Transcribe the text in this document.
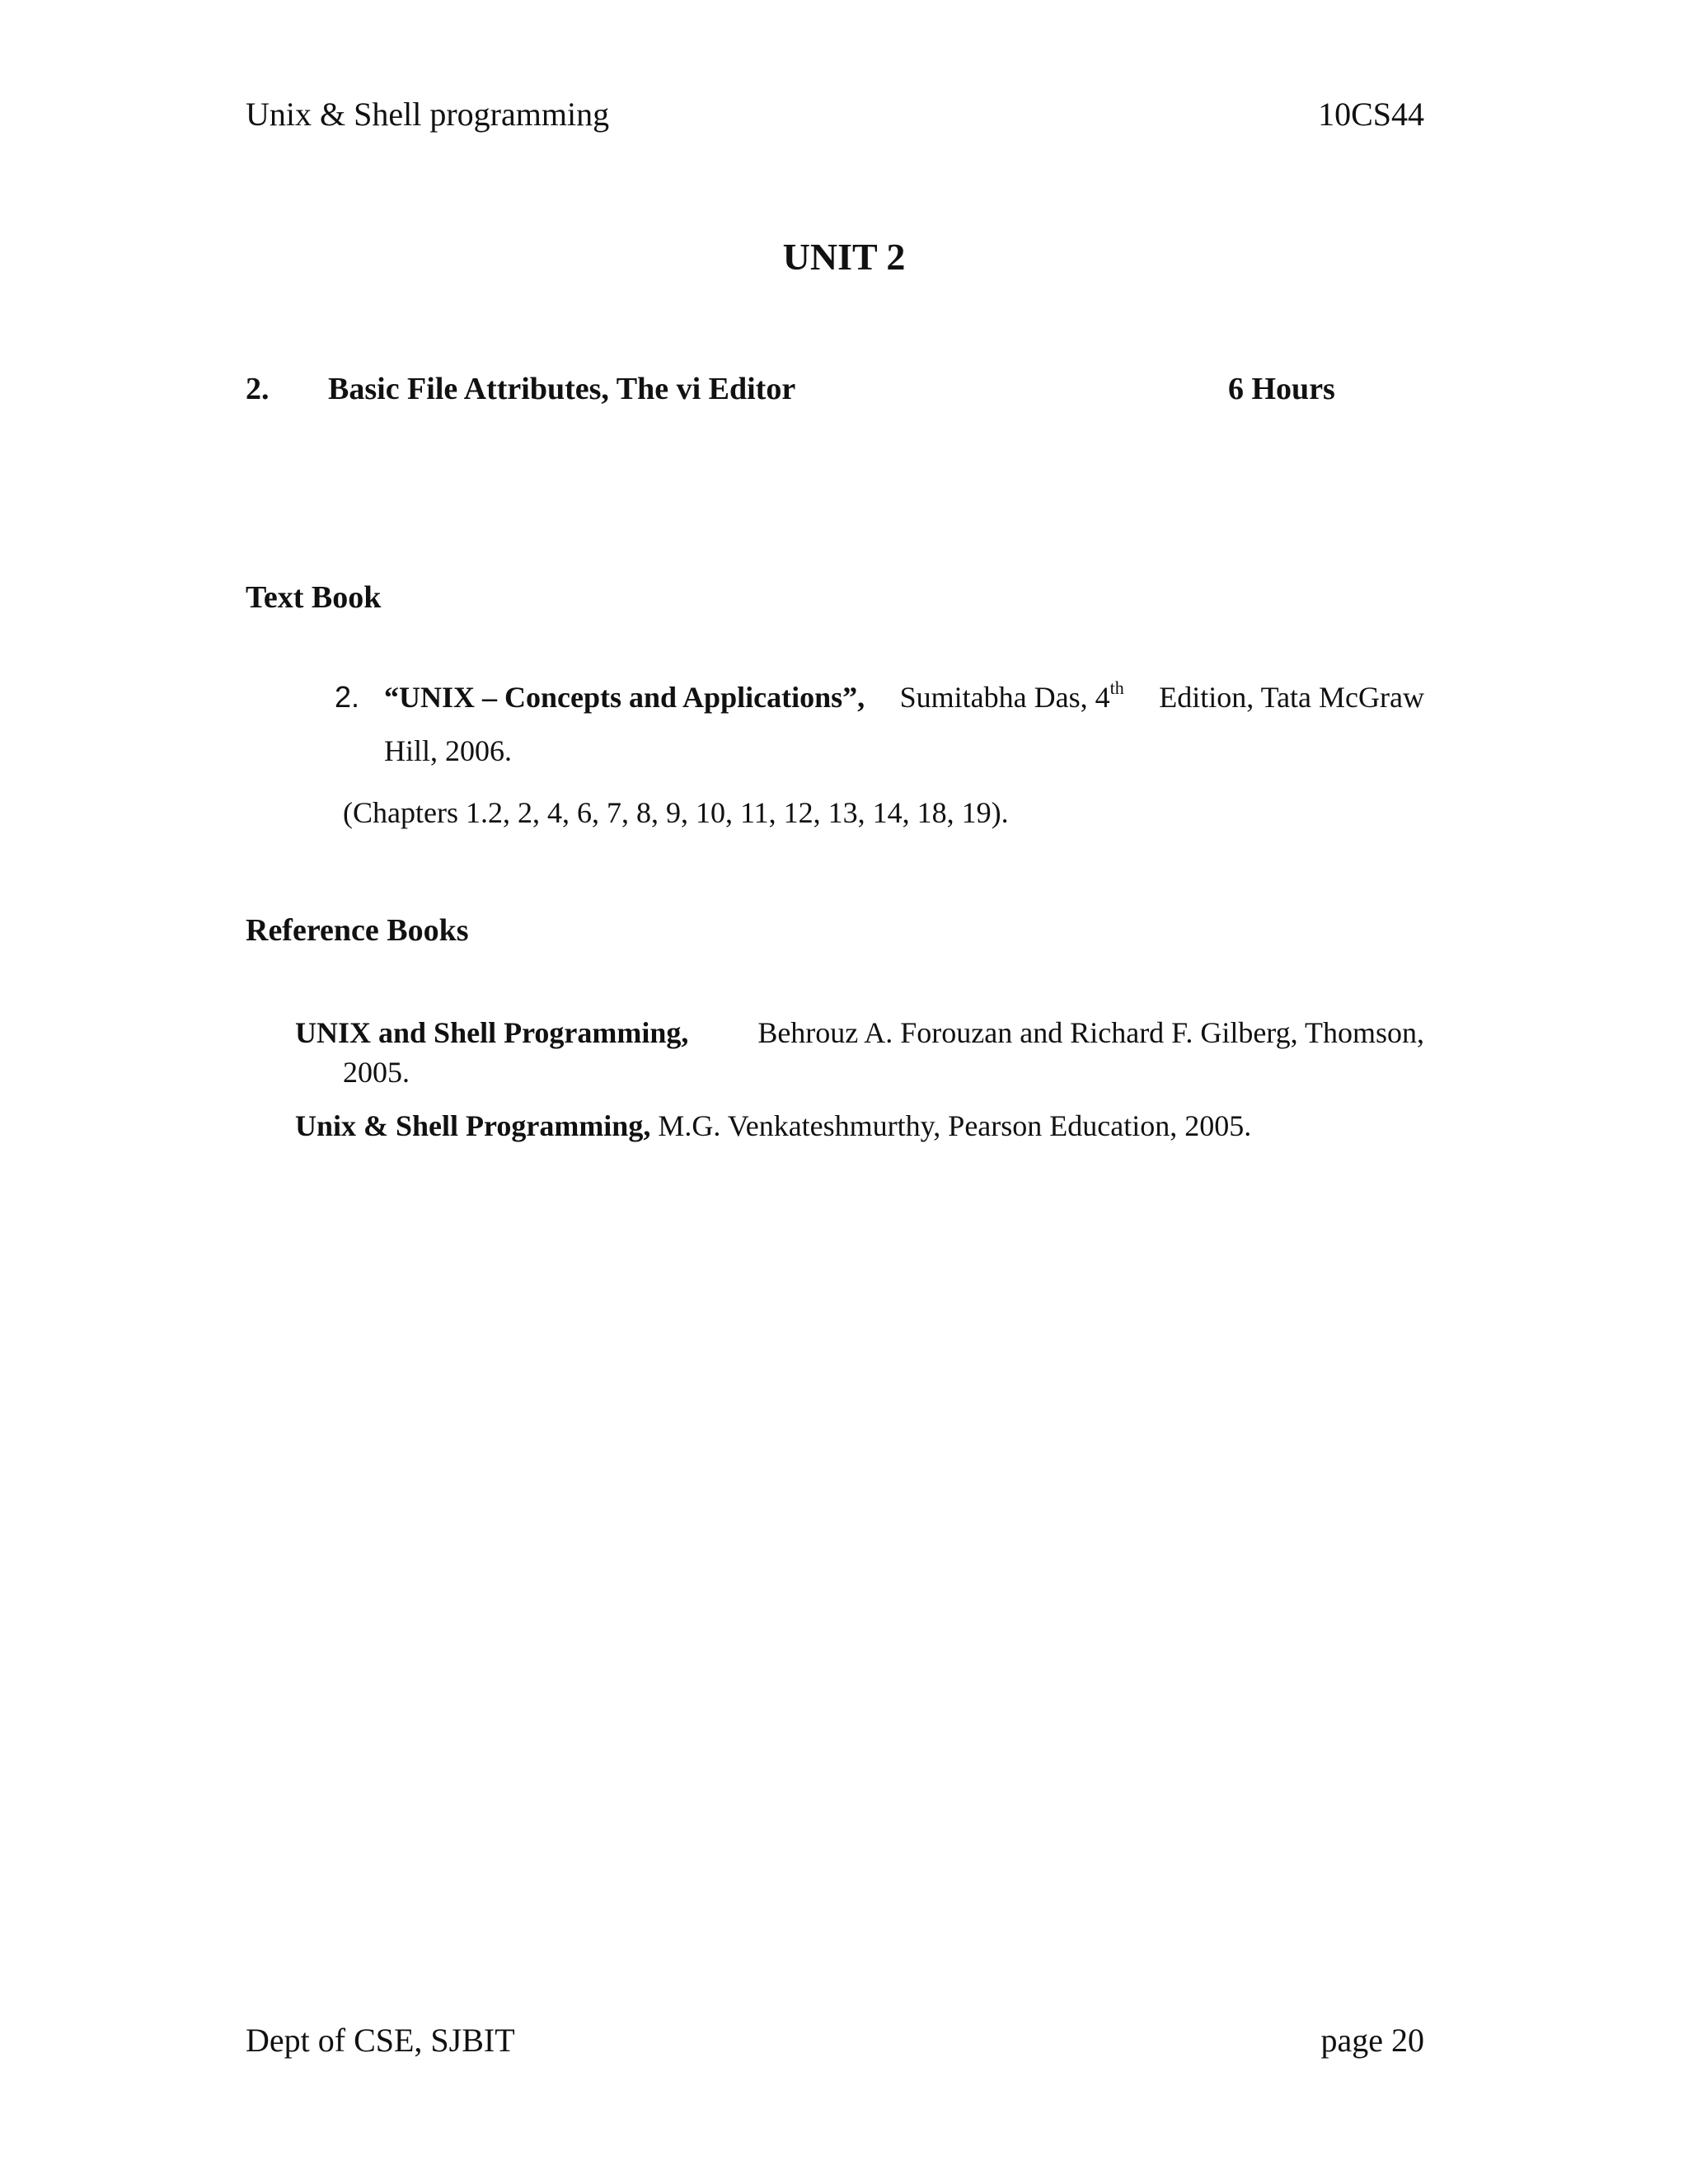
Unix & Shell programming	10CS44
UNIT 2
2. Basic File Attributes, The vi Editor	6 Hours
Text Book
2. “UNIX – Concepts and Applications”, Sumitabha Das, 4th Edition, Tata McGraw
Hill, 2006.
(Chapters 1.2, 2, 4, 6, 7, 8, 9, 10, 11, 12, 13, 14, 18, 19).
Reference Books
UNIX and Shell Programming, Behrouz A. Forouzan and Richard F. Gilberg, Thomson,
2005.
Unix & Shell Programming, M.G. Venkateshmurthy, Pearson Education, 2005.
Dept of CSE, SJBIT	page 20
